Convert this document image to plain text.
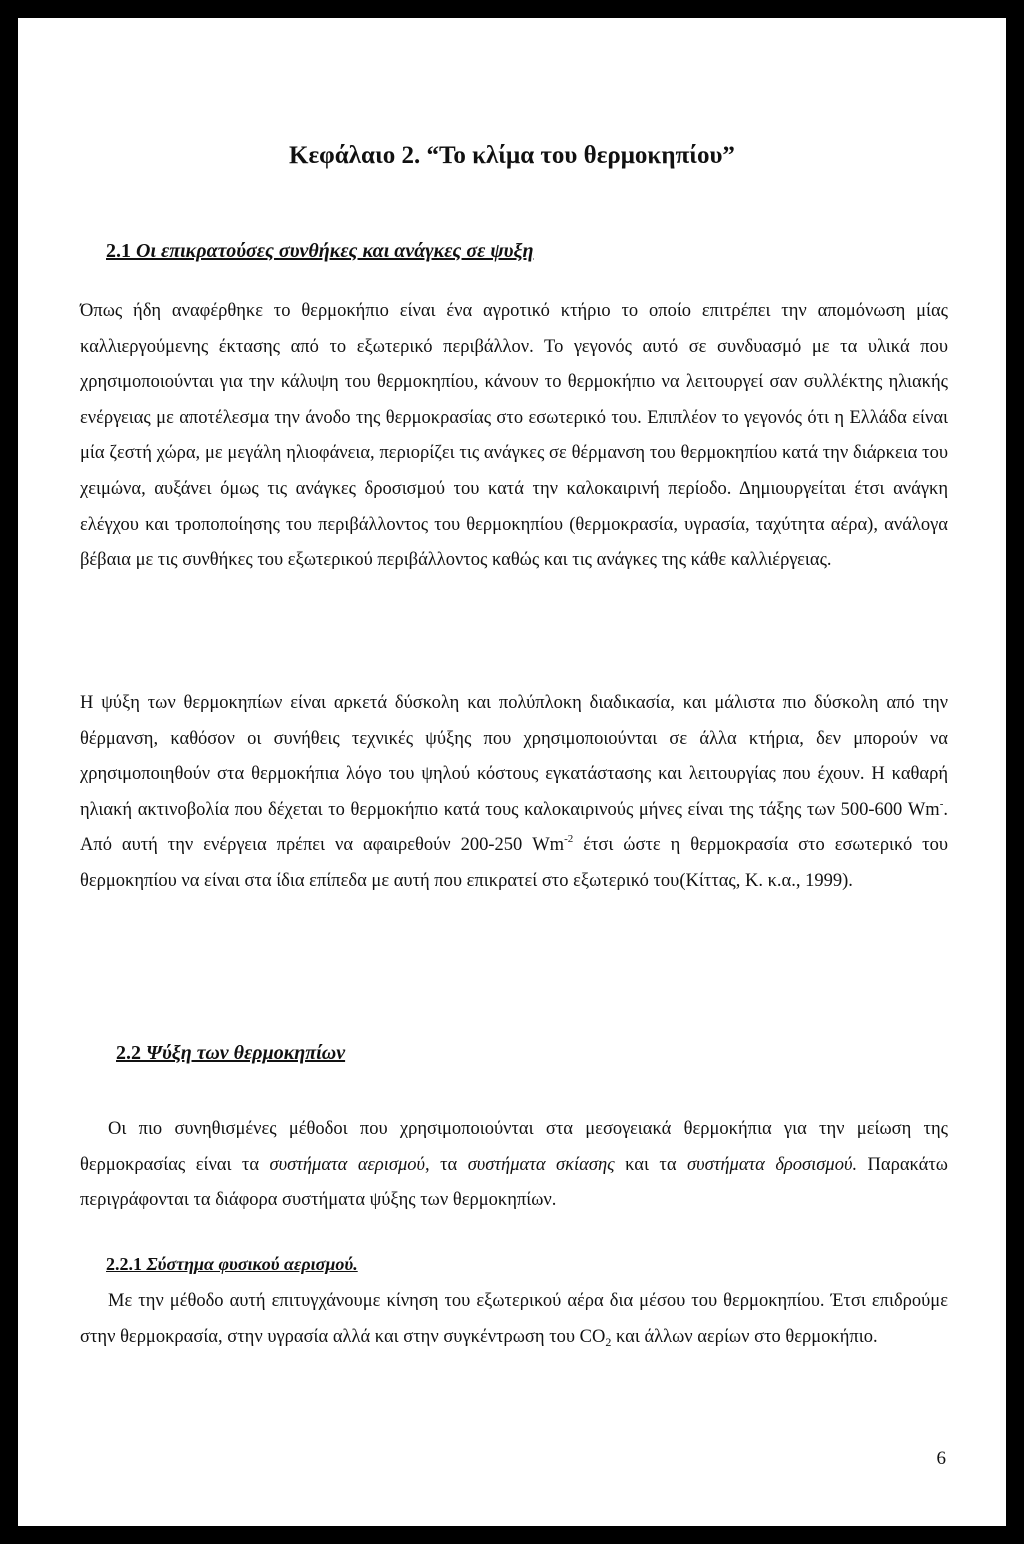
Κεφάλαιο 2. “Το κλίμα του θερμοκηπίου”
2.1 Οι επικρατούσες συνθήκες και ανάγκες σε ψυξη
Όπως ήδη αναφέρθηκε το θερμοκήπιο είναι ένα αγροτικό κτήριο το οποίο επιτρέπει την απομόνωση μίας καλλιεργούμενης έκτασης από το εξωτερικό περιβάλλον. Το γεγονός αυτό σε συνδυασμό με τα υλικά που χρησιμοποιούνται για την κάλυψη του θερμοκηπίου, κάνουν το θερμοκήπιο να λειτουργεί σαν συλλέκτης ηλιακής ενέργειας με αποτέλεσμα την άνοδο της θερμοκρασίας στο εσωτερικό του. Επιπλέον το γεγονός ότι η Ελλάδα είναι μία ζεστή χώρα, με μεγάλη ηλιοφάνεια, περιορίζει τις ανάγκες σε θέρμανση του θερμοκηπίου κατά την διάρκεια του χειμώνα, αυξάνει όμως τις ανάγκες δροσισμού του κατά την καλοκαιρινή περίοδο. Δημιουργείται έτσι ανάγκη ελέγχου και τροποποίησης του περιβάλλοντος του θερμοκηπίου (θερμοκρασία, υγρασία, ταχύτητα αέρα), ανάλογα βέβαια με τις συνθήκες του εξωτερικού περιβάλλοντος καθώς και τις ανάγκες της κάθε καλλιέργειας.
Η ψύξη των θερμοκηπίων είναι αρκετά δύσκολη και πολύπλοκη διαδικασία, και μάλιστα πιο δύσκολη από την θέρμανση, καθόσον οι συνήθεις τεχνικές ψύξης που χρησιμοποιούνται σε άλλα κτήρια, δεν μπορούν να χρησιμοποιηθούν στα θερμοκήπια λόγο του ψηλού κόστους εγκατάστασης και λειτουργίας που έχουν. Η καθαρή ηλιακή ακτινοβολία που δέχεται το θερμοκήπιο κατά τους καλοκαιρινούς μήνες είναι της τάξης των 500-600 Wm-. Από αυτή την ενέργεια πρέπει να αφαιρεθούν 200-250 $Wm^{-2}$ έτσι ώστε η θερμοκρασία στο εσωτερικό του θερμοκηπίου να είναι στα ίδια επίπεδα με αυτή που επικρατεί στο εξωτερικό του(Κίττας, Κ. κ.α., 1999).
2.2 Ψύξη των θερμοκηπίων
Οι πιο συνηθισμένες μέθοδοι που χρησιμοποιούνται στα μεσογειακά θερμοκήπια για την μείωση της θερμοκρασίας είναι τα συστήματα αερισμού, τα συστήματα σκίασης και τα συστήματα δροσισμού. Παρακάτω περιγράφονται τα διάφορα συστήματα ψύξης των θερμοκηπίων.
2.2.1 Σύστημα φυσικού αερισμού.
Με την μέθοδο αυτή επιτυγχάνουμε κίνηση του εξωτερικού αέρα δια μέσου του θερμοκηπίου. Έτσι επιδρούμε στην θερμοκρασία, στην υγρασία αλλά και στην συγκέντρωση του $CO_2$ και άλλων αερίων στο θερμοκήπιο.

6
